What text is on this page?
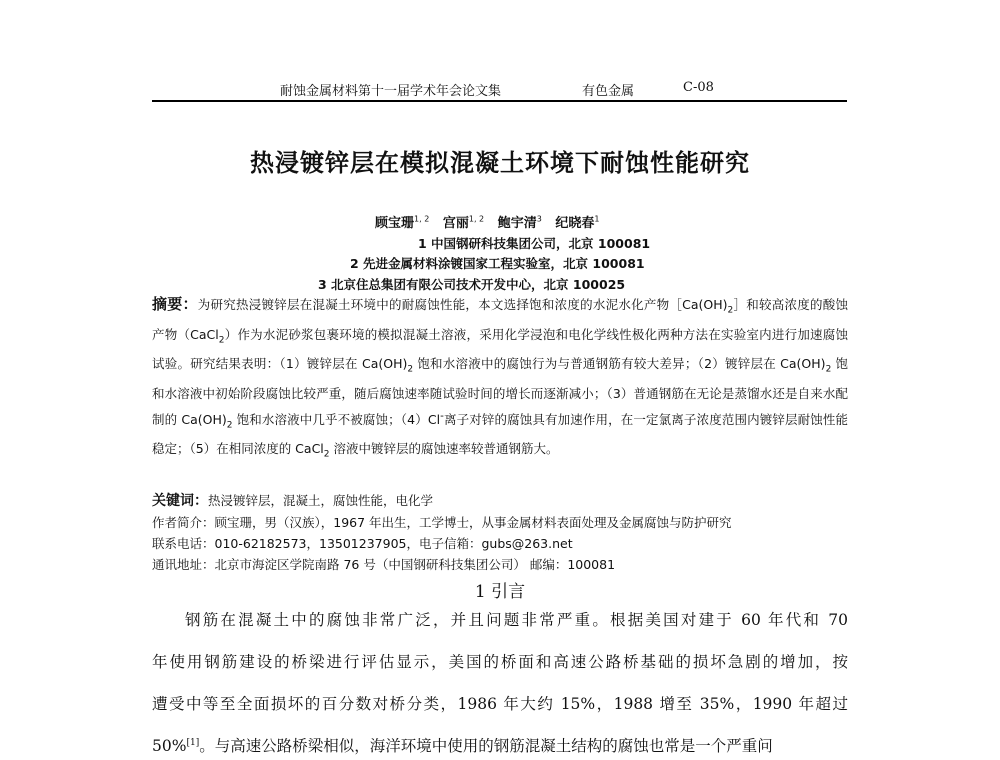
耐蚀金属材料第十一届学术年会论文集	有色金属	C-08
热浸镀锌层在模拟混凝土环境下耐蚀性能研究
顾宝珊$^{1, 2}$ 宫丽$^{1, 2}$ 鲍宇清$^3$ 纪晓春$^1$
1 中国钢研科技集团公司，北京 100081
2 先进金属材料涂镀国家工程实验室，北京 100081
3 北京住总集团有限公司技术开发中心，北京 100025
摘要：为研究热浸镀锌层在混凝土环境中的耐腐蚀性能，本文选择饱和浓度的水泥水化产物$[Ca(OH)_2]$和较高浓度的酸蚀产物（CaCl$_2$）作为水泥砂浆包裹环境的模拟混凝土溶液，采用化学浸泡和电化学线性极化两种方法在实验室内进行加速腐蚀试验。研究结果表明：（1）镀锌层在 $Ca(OH)_2$ 饱和水溶液中的腐蚀行为与普通钢筋有较大差异；（2）镀锌层在 $Ca(OH)_2$ 饱和水溶液中初始阶段腐蚀比较严重，随后腐蚀速率随试验时间的增长而逐渐减小；（3）普通钢筋在无论是蒸馏水还是自来水配制的 $Ca(OH)_2$ 饱和水溶液中几乎不被腐蚀；（4）Cl-离子对锌的腐蚀具有加速作用，在一定氯离子浓度范围内镀锌层耐蚀性能稳定；（5）在相同浓度的 CaCl$_2$ 溶液中镀锌层的腐蚀速率较普通钢筋大。
关键词：热浸镀锌层，混凝土，腐蚀性能，电化学
作者简介：顾宝珊，男（汉族），1967 年出生，工学博士，从事金属材料表面处理及金属腐蚀与防护研究
联系电话：010-62182573，13501237905，电子信箱：gubs@263.net
通讯地址：北京市海淀区学院南路 76 号（中国钢研科技集团公司） 邮编：100081
1 引言
钢筋在混凝土中的腐蚀非常广泛，并且问题非常严重。根据美国对建于 60 年代和 70
年使用钢筋建设的桥梁进行评估显示，美国的桥面和高速公路桥基础的损坏急剧的增加，按
遭受中等至全面损坏的百分数对桥分类，1986 年大约 15%，1988 增至 35%，1990 年超过
50%[1]。与高速公路桥梁相似，海洋环境中使用的钢筋混凝土结构的腐蚀也常是一个严重问
